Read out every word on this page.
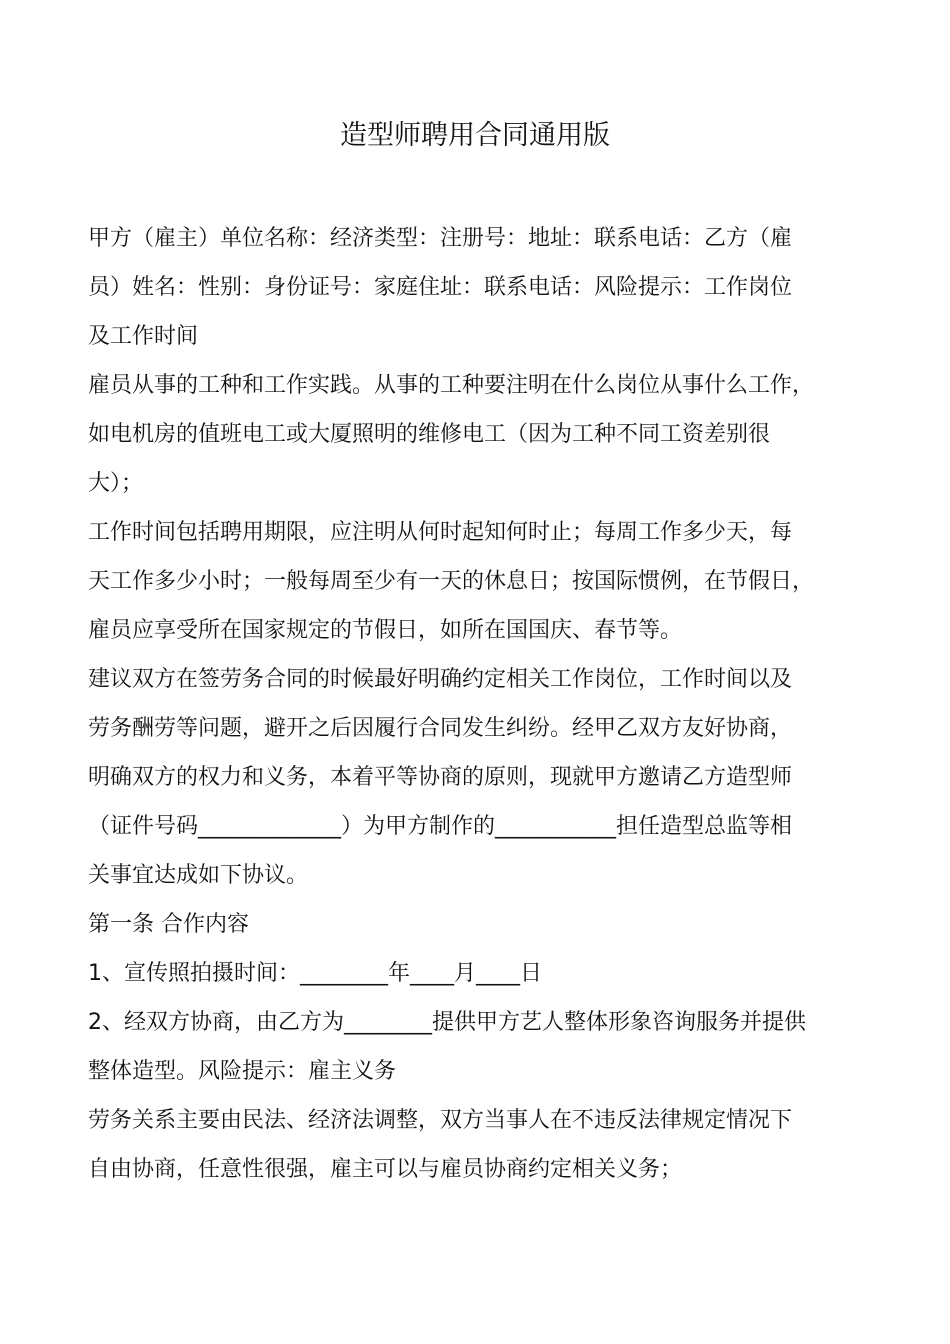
造型师聘用合同通用版
甲方（雇主）单位名称：经济类型：注册号：地址：联系电话：乙方（雇
员）姓名：性别：身份证号：家庭住址：联系电话：风险提示：工作岗位
及工作时间
雇员从事的工种和工作实践。从事的工种要注明在什么岗位从事什么工作，
如电机房的值班电工或大厦照明的维修电工（因为工种不同工资差别很
大）；
工作时间包括聘用期限，应注明从何时起知何时止；每周工作多少天，每
天工作多少小时；一般每周至少有一天的休息日；按国际惯例，在节假日，
雇员应享受所在国家规定的节假日，如所在国国庆、春节等。
建议双方在签劳务合同的时候最好明确约定相关工作岗位，工作时间以及
劳务酬劳等问题，避开之后因履行合同发生纠纷。经甲乙双方友好协商，
明确双方的权力和义务，本着平等协商的原则，现就甲方邀请乙方造型师
（证件号码_____________）为甲方制作的___________担任造型总监等相
关事宜达成如下协议。
第一条 合作内容
1、宣传照拍摄时间：________年____月____日
2、经双方协商，由乙方为________提供甲方艺人整体形象咨询服务并提供
整体造型。风险提示：雇主义务
劳务关系主要由民法、经济法调整，双方当事人在不违反法律规定情况下
自由协商，任意性很强，雇主可以与雇员协商约定相关义务；
